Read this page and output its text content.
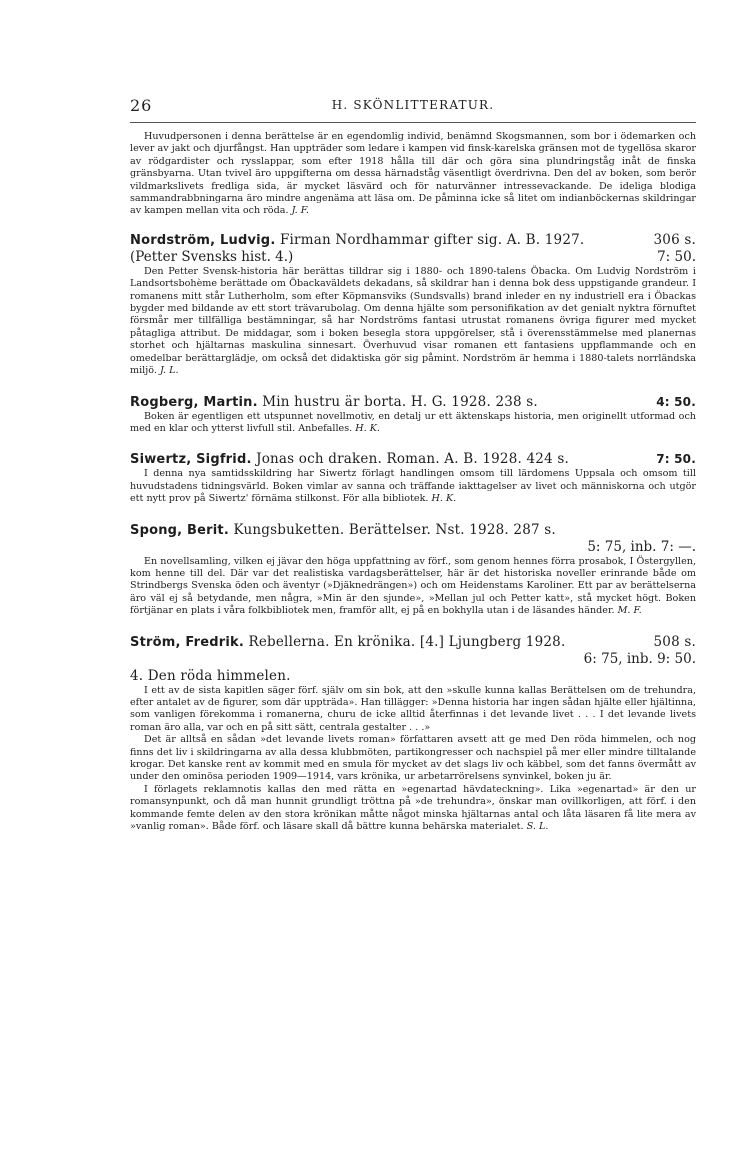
26	H. SKÖNLITTERATUR.

Huvudpersonen i denna berättelse är en egendomlig individ, benämnd Skogsmannen, som bor i ödemarken och lever av jakt och djurfångst. Han uppträder som ledare i kampen vid finsk-karelska gränsen mot de tygellösa skaror av rödgardister och rysslappar, som efter 1918 hålla till där och göra sina plundringståg inåt de finska gränsbyarna. Utan tvivel äro uppgifterna om dessa härnadståg väsentligt överdrivna. Den del av boken, som berör vildmarkslivets fredliga sida, är mycket läsvärd och för naturvänner intressevackande. De ideliga blodiga sammandrabbningarna äro mindre angenäma att läsa om. De påminna icke så litet om indianböckernas skildringar av kampen mellan vita och röda. J. F.

Nordström, Ludvig. Firman Nordhammar gifter sig. A. B. 1927.	306 s.
(Petter Svensks hist. 4.)	7: 50.

Den Petter Svensk-historia här berättas tilldrar sig i 1880- och 1890-talens Öbacka. Om Ludvig Nordström i Landsortsbohème berättade om Öbackaväldets dekadans, så skildrar han i denna bok dess uppstigande grandeur. I romanens mitt står Lutherholm, som efter Köpmansviks (Sundsvalls) brand inleder en ny industriell era i Öbackas bygder med bildande av ett stort trävarubolag. Om denna hjälte som personifikation av det genialt nyktra förnuftet försmår mer tillfälliga bestämningar, så har Nordströms fantasi utrustat romanens övriga figurer med mycket påtagliga attribut. De middagar, som i boken besegla stora uppgörelser, stå i överensstämmelse med planernas storhet och hjältarnas maskulina sinnesart. Överhuvud visar romanen ett fantasiens uppflammande och en omedelbar berättarglädje, om också det didaktiska gör sig påmint. Nordström är hemma i 1880-talets norrländska miljö. J. L.

Rogberg, Martin. Min hustru är borta. H. G. 1928. 238 s.	4: 50.

Boken är egentligen ett utspunnet novellmotiv, en detalj ur ett äktenskaps historia, men originellt utformad och med en klar och ytterst livfull stil. Anbefalles. H. K.

Siwertz, Sigfrid. Jonas och draken. Roman. A. B. 1928. 424 s.	7: 50.

I denna nya samtidsskildring har Siwertz förlagt handlingen omsom till lärdomens Uppsala och omsom till huvudstadens tidningsvärld. Boken vimlar av sanna och träffande iakttagelser av livet och människorna och utgör ett nytt prov på Siwertz' förnäma stilkonst. För alla bibliotek. H. K.

Spong, Berit. Kungsbuketten. Berättelser. Nst. 1928. 287 s.
5: 75, inb. 7: —.

En novellsamling, vilken ej jävar den höga uppfattning av förf., som genom hennes förra prosabok, I Östergyllen, kom henne till del. Där var det realistiska vardagsberättelser, här är det historiska noveller erinrande både om Strindbergs Svenska öden och äventyr (»Djäknedrängen») och om Heidenstams Karoliner. Ett par av berättelserna äro väl ej så betydande, men några, »Min är den sjunde», »Mellan jul och Petter katt», stå mycket högt. Boken förtjänar en plats i våra folkbibliotek men, framför allt, ej på en bokhylla utan i de läsandes händer. M. F.

Ström, Fredrik. Rebellerna. En krönika. [4.] Ljungberg 1928.	508 s.
6: 75, inb. 9: 50.
4. Den röda himmelen.

I ett av de sista kapitlen säger förf. själv om sin bok, att den »skulle kunna kallas Berättelsen om de trehundra, efter antalet av de figurer, som där uppträda». Han tillägger: »Denna historia har ingen sådan hjälte eller hjältinna, som vanligen förekomma i romanerna, churu de icke alltid återfinnas i det levande livet . . . I det levande livets roman äro alla, var och en på sitt sätt, centrala gestalter . . .»

Det är alltså en sådan »det levande livets roman» författaren avsett att ge med Den röda himmelen, och nog finns det liv i skildringarna av alla dessa klubbmöten, partikongresser och nachspiel på mer eller mindre tilltalande krogar. Det kanske rent av kommit med en smula för mycket av det slags liv och käbbel, som det fanns övermått av under den ominösa perioden 1909—1914, vars krönika, ur arbetarrörelsens synvinkel, boken ju är.

I förlagets reklamnotis kallas den med rätta en »egenartad hävdateckning». Lika »egenartad» är den ur romansynpunkt, och då man hunnit grundligt tröttna på »de trehundra», önskar man ovillkorligen, att förf. i den kommande femte delen av den stora krönikan måtte något minska hjältarnas antal och låta läsaren få lite mera av »vanlig roman». Både förf. och läsare skall då bättre kunna behärska materialet. S. L.
